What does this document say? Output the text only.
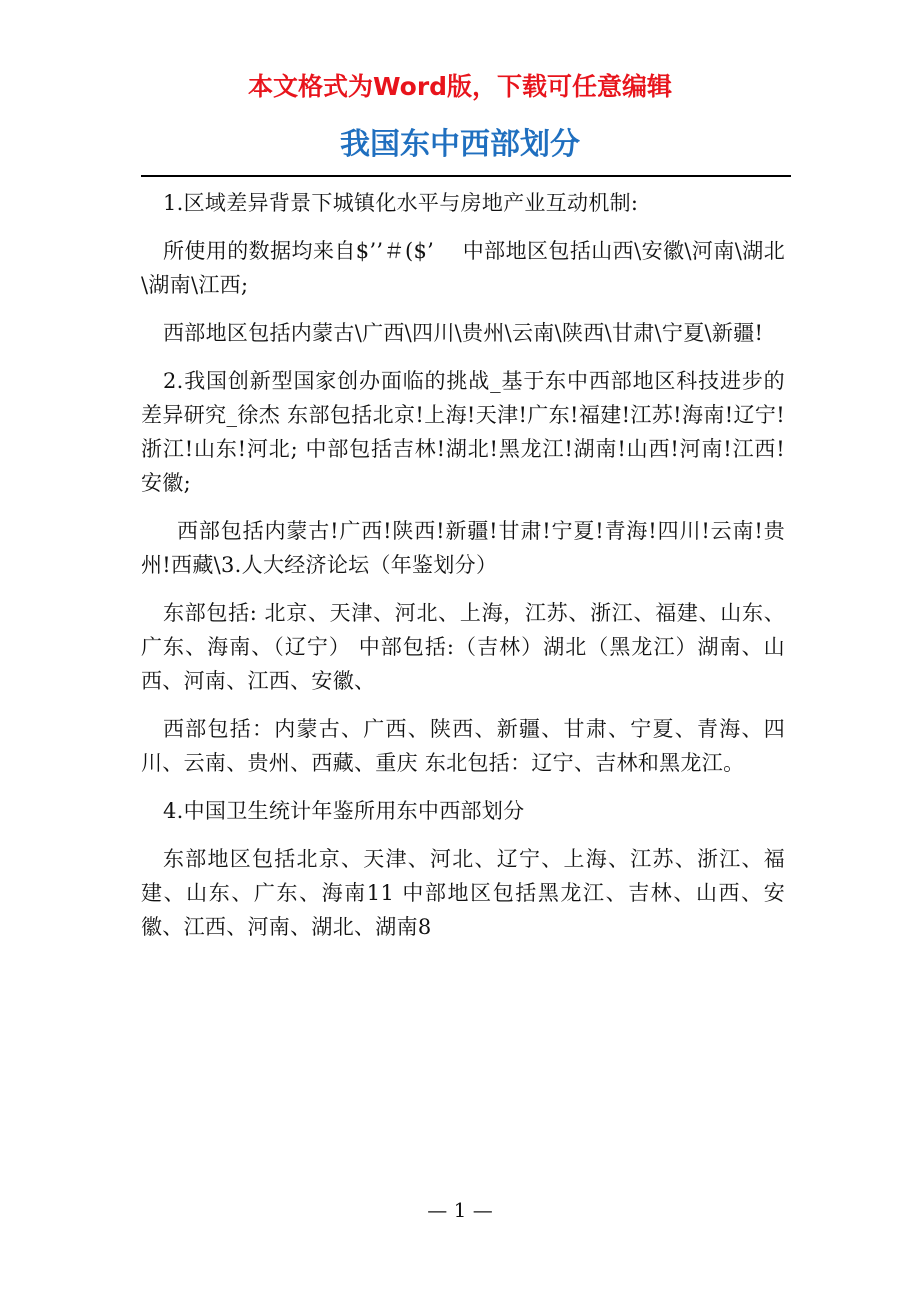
本文格式为Word版，下载可任意编辑
我国东中西部划分

1.区域差异背景下城镇化水平与房地产业互动机制:

所使用的数据均来自$’’＃($’　 中部地区包括山西\安徽\河南\湖北\湖南\江西;

西部地区包括内蒙古\广西\四川\贵州\云南\陕西\甘肃\宁夏\新疆!

2.我国创新型国家创办面临的挑战_基于东中西部地区科技进步的差异研究_徐杰 东部包括北京!上海!天津!广东!福建!江苏!海南!辽宁!浙江!山东!河北; 中部包括吉林!湖北!黑龙江!湖南!山西!河南!江西!安徽;

西部包括内蒙古!广西!陕西!新疆!甘肃!宁夏!青海!四川!云南!贵州!西藏\3.人大经济论坛（年鉴划分）

东部包括: 北京、天津、河北、上海，江苏、浙江、福建、山东、广东、海南、（辽宁） 中部包括:（吉林）湖北（黑龙江）湖南、山西、河南、江西、安徽、

西部包括：内蒙古、广西、陕西、新疆、甘肃、宁夏、青海、四川、云南、贵州、西藏、重庆 东北包括：辽宁、吉林和黑龙江。

4.中国卫生统计年鉴所用东中西部划分

东部地区包括北京、天津、河北、辽宁、上海、江苏、浙江、福建、山东、广东、海南11 中部地区包括黑龙江、吉林、山西、安徽、江西、河南、湖北、湖南8

— 1 —
